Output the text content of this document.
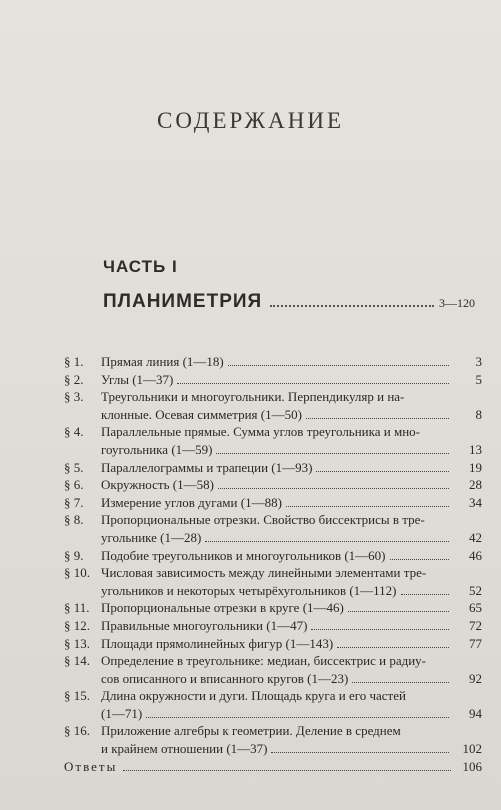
СОДЕРЖАНИЕ
ЧАСТЬ I
ПЛАНИМЕТРИЯ	3—120
§ 1.	Прямая линия (1—18)	3
§ 2.	Углы (1—37)	5
§ 3.	Треугольники и многоугольники. Перпендикуляр и на-
клонные. Осевая симметрия (1—50)	8
§ 4.	Параллельные прямые. Сумма углов треугольника и мно-
гоугольника (1—59)	13
§ 5.	Параллелограммы и трапеции (1—93)	19
§ 6.	Окружность (1—58)	28
§ 7.	Измерение углов дугами (1—88)	34
§ 8.	Пропорциональные отрезки. Свойство биссектрисы в тре-
угольнике (1—28)	42
§ 9.	Подобие треугольников и многоугольников (1—60)	46
§ 10. Числовая зависимость между линейными элементами тре-
угольников и некоторых четырёхугольников (1—112)	52
§ 11. Пропорциональные отрезки в круге (1—46)	65
§ 12. Правильные многоугольники (1—47)	72
§ 13. Площади прямолинейных фигур (1—143)	77
§ 14. Определение в треугольнике: медиан, биссектрис и радиу-
сов описанного и вписанного кругов (1—23)	92
§ 15. Длина окружности и дуги. Площадь круга и его частей
(1—71)	94
§ 16. Приложение алгебры к геометрии. Деление в среднем
и крайнем отношении (1—37)	102
Ответы	106
